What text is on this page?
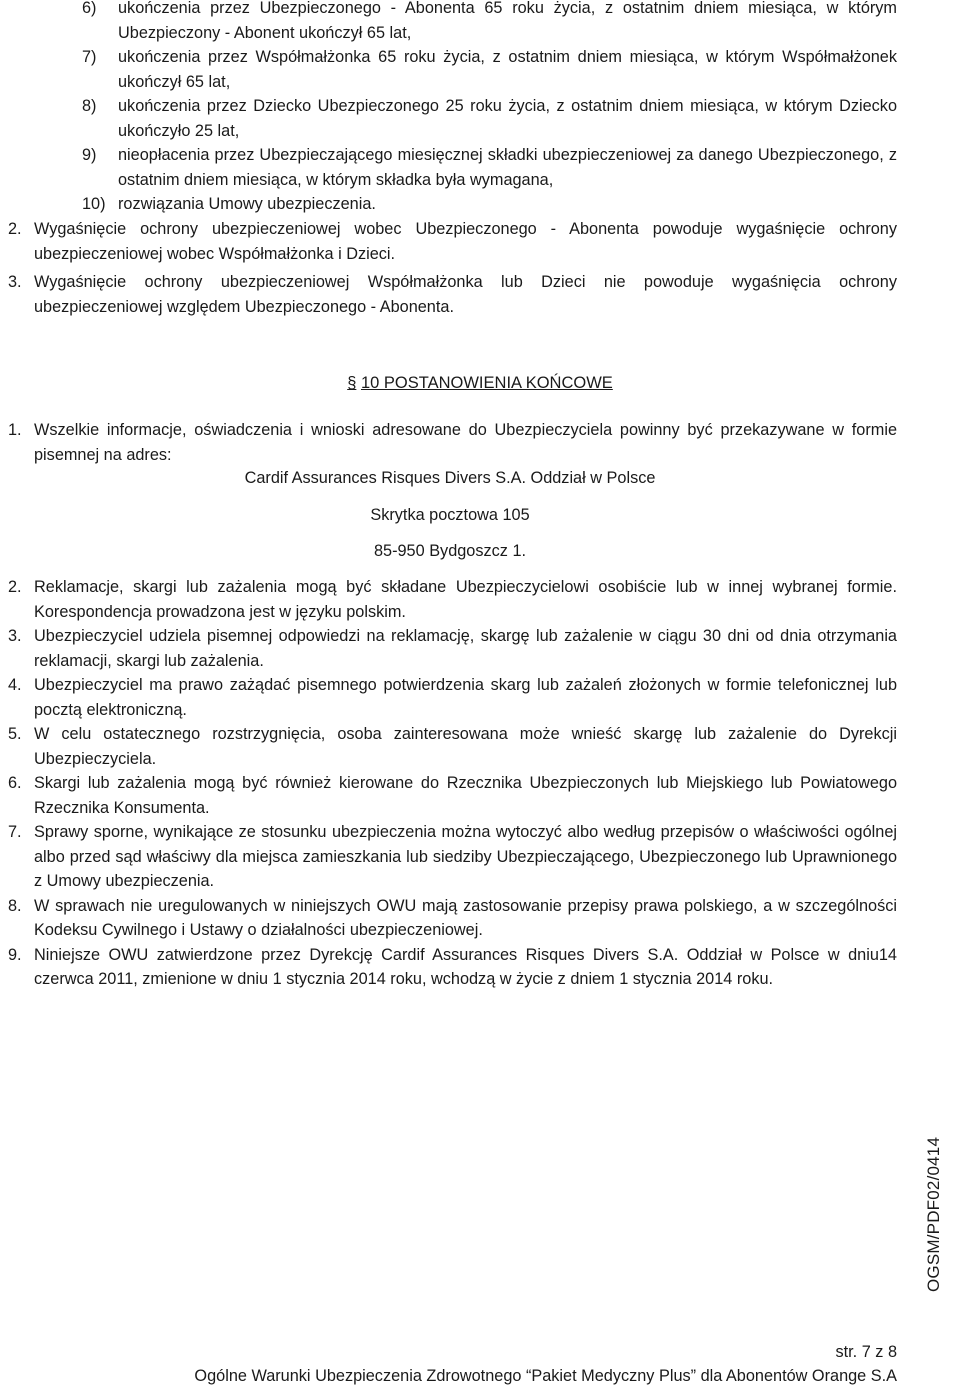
6)	ukończenia przez Ubezpieczonego - Abonenta 65 roku życia, z ostatnim dniem miesiąca, w którym Ubezpieczony - Abonent ukończył 65 lat,
7)	ukończenia przez Współmałżonka 65 roku życia, z ostatnim dniem miesiąca, w którym Współmałżonek ukończył 65 lat,
8)	ukończenia przez Dziecko Ubezpieczonego 25 roku życia, z ostatnim dniem miesiąca, w którym Dziecko ukończyło 25 lat,
9)	nieopłacenia przez Ubezpieczającego miesięcznej składki ubezpieczeniowej za danego Ubezpieczonego, z ostatnim dniem miesiąca, w którym składka była wymagana,
10) rozwiązania Umowy ubezpieczenia.
2. Wygaśnięcie ochrony ubezpieczeniowej wobec Ubezpieczonego - Abonenta powoduje wygaśnięcie ochrony ubezpieczeniowej wobec Współmałżonka i Dzieci.
3. Wygaśnięcie ochrony ubezpieczeniowej Współmałżonka lub Dzieci nie powoduje wygaśnięcia ochrony ubezpieczeniowej względem Ubezpieczonego - Abonenta.
§ 10 POSTANOWIENIA KOŃCOWE
1. Wszelkie informacje, oświadczenia i wnioski adresowane do Ubezpieczyciela powinny być przekazywane w formie pisemnej na adres:
Cardif Assurances Risques Divers S.A. Oddział w Polsce
Skrytka pocztowa 105
85-950 Bydgoszcz 1.
2. Reklamacje, skargi lub zażalenia mogą być składane Ubezpieczycielowi osobiście lub w innej wybranej formie. Korespondencja prowadzona jest w języku polskim.
3. Ubezpieczyciel udziela pisemnej odpowiedzi na reklamację, skargę lub zażalenie w ciągu 30 dni od dnia otrzymania reklamacji, skargi lub zażalenia.
4. Ubezpieczyciel ma prawo zażądać pisemnego potwierdzenia skarg lub zażaleń złożonych w formie telefonicznej lub pocztą elektroniczną.
5. W celu ostatecznego rozstrzygnięcia, osoba zainteresowana może wnieść skargę lub zażalenie do Dyrekcji Ubezpieczyciela.
6. Skargi lub zażalenia mogą być również kierowane do Rzecznika Ubezpieczonych lub Miejskiego lub Powiatowego Rzecznika Konsumenta.
7. Sprawy sporne, wynikające ze stosunku ubezpieczenia można wytoczyć albo według przepisów o właściwości ogólnej albo przed sąd właściwy dla miejsca zamieszkania lub siedziby Ubezpieczającego, Ubezpieczonego lub Uprawnionego z Umowy ubezpieczenia.
8. W sprawach nie uregulowanych w niniejszych OWU mają zastosowanie przepisy prawa polskiego, a w szczególności Kodeksu Cywilnego i Ustawy o działalności ubezpieczeniowej.
9. Niniejsze OWU zatwierdzone przez Dyrekcję Cardif Assurances Risques Divers S.A. Oddział w Polsce w dniu14 czerwca 2011, zmienione w dniu 1 stycznia 2014 roku, wchodzą w życie z dniem 1 stycznia 2014 roku.
OGSM/PDF02/0414
str. 7 z 8
Ogólne Warunki Ubezpieczenia Zdrowotnego “Pakiet Medyczny Plus” dla Abonentów Orange S.A
